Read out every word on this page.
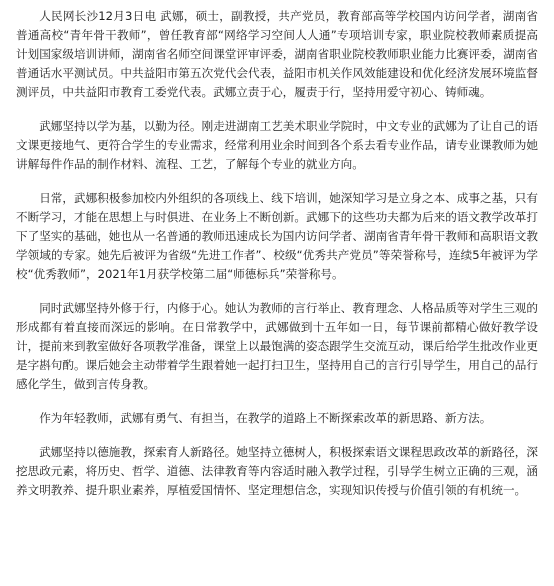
人民网长沙12月3日电 武娜，硕士，副教授，共产党员，教育部高等学校国内访问学者，湖南省普通高校“青年骨干教师”，曾任教育部“网络学习空间人人通”专项培训专家，职业院校教师素质提高计划国家级培训讲师，湖南省名师空间课堂评审评委，湖南省职业院校教师职业能力比赛评委，湖南省普通话水平测试员。中共益阳市第五次党代会代表，益阳市机关作风效能建设和优化经济发展环境监督测评员，中共益阳市教育工委党代表。武娜立责于心，履责于行，坚持用爱守初心、铸师魂。

武娜坚持以学为基，以勤为径。刚走进湖南工艺美术职业学院时，中文专业的武娜为了让自己的语文课更接地气、更符合学生的专业需求，经常利用业余时间到各个系去看专业作品，请专业课教师为她讲解每件作品的制作材料、流程、工艺，了解每个专业的就业方向。

日常，武娜积极参加校内外组织的各项线上、线下培训，她深知学习是立身之本、成事之基，只有不断学习，才能在思想上与时俱进、在业务上不断创新。武娜下的这些功夫都为后来的语文教学改革打下了坚实的基础，她也从一名普通的教师迅速成长为国内访问学者、湖南省青年骨干教师和高职语文教学领域的专家。她先后被评为省级“先进工作者”、校级“优秀共产党员”等荣誉称号，连续5年被评为学校“优秀教师”，2021年1月获学校第二届“师德标兵”荣誉称号。

同时武娜坚持外修于行，内修于心。她认为教师的言行举止、教育理念、人格品质等对学生三观的形成都有着直接而深远的影响。在日常教学中，武娜做到十五年如一日，每节课前都精心做好教学设计，提前来到教室做好各项教学准备，课堂上以最饱满的姿态跟学生交流互动，课后给学生批改作业更是字斟句酌。课后她会主动带着学生跟着她一起打扫卫生，坚持用自己的言行引导学生，用自己的品行感化学生，做到言传身教。

作为年轻教师，武娜有勇气、有担当，在教学的道路上不断探索改革的新思路、新方法。

武娜坚持以德施教，探索育人新路径。她坚持立德树人，积极探索语文课程思政改革的新路径，深挖思政元素，将历史、哲学、道德、法律教育等内容适时融入教学过程，引导学生树立正确的三观，涵养文明教养、提升职业素养，厚植爱国情怀、坚定理想信念，实现知识传授与价值引领的有机统一。
